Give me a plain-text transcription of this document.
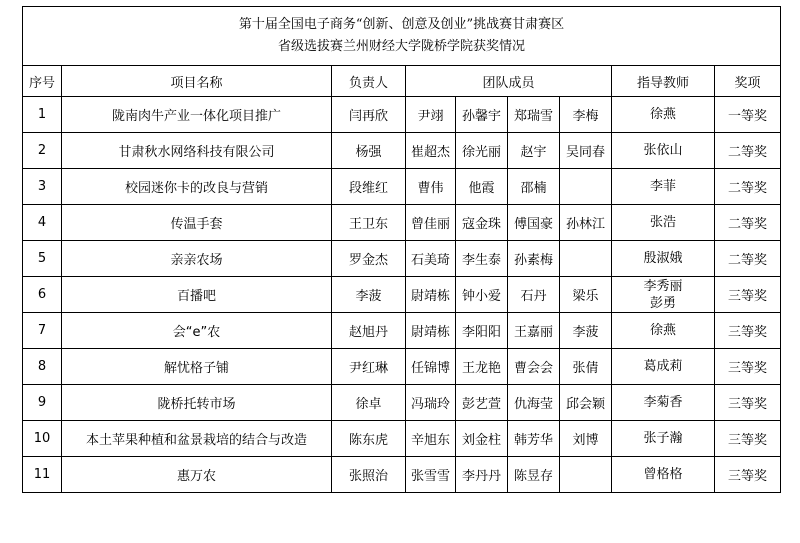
第十届全国电子商务“创新、创意及创业”挑战赛甘肃赛区
省级选拔赛兰州财经大学陇桥学院获奖情况								

序号	项目名称	负责人	团队成员				指导教师	奖项
1	陇南肉牛产业一体化项目推广	闫再欣	尹翊	孙馨宇	郑瑞雪	李梅	徐燕	一等奖
2	甘肃秋水网络科技有限公司	杨强	崔超杰	徐光丽	赵宇	吴同春	张依山	二等奖
3	校园迷你卡的改良与营销	段维红	曹伟	他霞	邵楠		李菲	二等奖
4	传温手套	王卫东	曾佳丽	寇金珠	傅国豪	孙林江	张浩	二等奖
5	亲亲农场	罗金杰	石美琦	李生泰	孙素梅		殷淑娥	二等奖
6	百播吧	李菠	尉靖栋	钟小爱	石丹	梁乐	李秀丽
彭勇	三等奖
7	会“e”农	赵旭丹	尉靖栋	李阳阳	王嘉丽	李菠	徐燕	三等奖
8	解忧格子铺	尹红琳	任锦博	王龙艳	曹会会	张倩	葛成莉	三等奖
9	陇桥托转市场	徐卓	冯瑞玲	彭艺萱	仇海莹	邱会颖	李菊香	三等奖
10	本土苹果种植和盆景栽培的结合与改造	陈东虎	辛旭东	刘金柱	韩芳华	刘博	张子瀚	三等奖
11	惠万农	张照治	张雪雪	李丹丹	陈昱存		曾格格	三等奖
